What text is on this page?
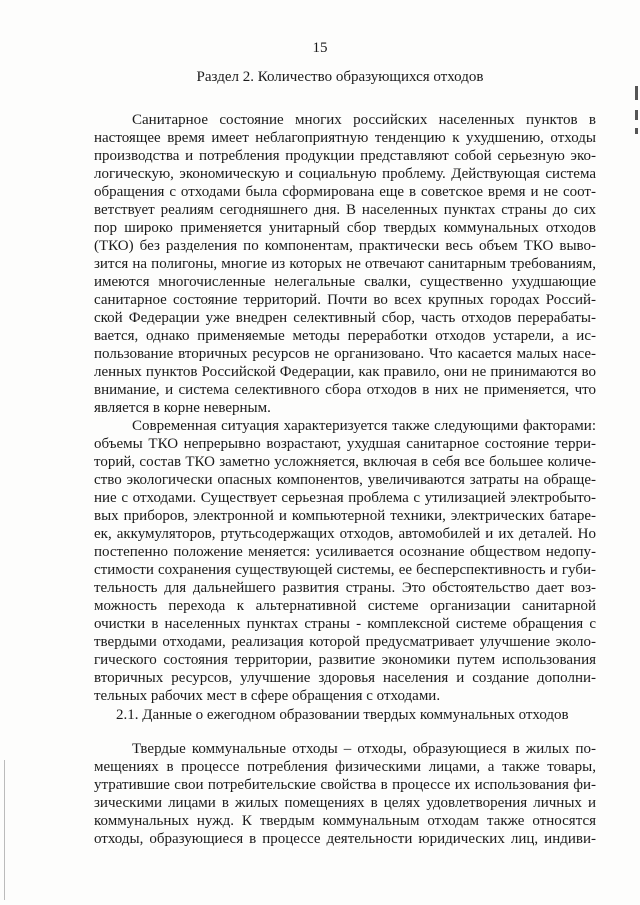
15
Раздел 2. Количество образующихся отходов
Санитарное состояние многих российских населенных пунктов в
настоящее время имеет неблагоприятную тенденцию к ухудшению, отходы
производства и потребления продукции представляют собой серьезную эко-
логическую, экономическую и социальную проблему. Действующая система
обращения с отходами была сформирована еще в советское время и не соот-
ветствует реалиям сегодняшнего дня. В населенных пунктах страны до сих
пор широко применяется унитарный сбор твердых коммунальных отходов
(ТКО) без разделения по компонентам, практически весь объем ТКО выво-
зится на полигоны, многие из которых не отвечают санитарным требованиям,
имеются многочисленные нелегальные свалки, существенно ухудшающие
санитарное состояние территорий. Почти во всех крупных городах Россий-
ской Федерации уже внедрен селективный сбор, часть отходов перерабаты-
вается, однако применяемые методы переработки отходов устарели, а ис-
пользование вторичных ресурсов не организовано. Что касается малых насе-
ленных пунктов Российской Федерации, как правило, они не принимаются во
внимание, и система селективного сбора отходов в них не применяется, что
является в корне неверным.
Современная ситуация характеризуется также следующими факторами:
объемы ТКО непрерывно возрастают, ухудшая санитарное состояние терри-
торий, состав ТКО заметно усложняется, включая в себя все большее количе-
ство экологически опасных компонентов, увеличиваются затраты на обраще-
ние с отходами. Существует серьезная проблема с утилизацией электробыто-
вых приборов, электронной и компьютерной техники, электрических батаре-
ек, аккумуляторов, ртутьсодержащих отходов, автомобилей и их деталей. Но
постепенно положение меняется: усиливается осознание обществом недопу-
стимости сохранения существующей системы, ее бесперспективность и губи-
тельность для дальнейшего развития страны. Это обстоятельство дает воз-
можность перехода к альтернативной системе организации санитарной
очистки в населенных пунктах страны - комплексной системе обращения с
твердыми отходами, реализация которой предусматривает улучшение эколо-
гического состояния территории, развитие экономики путем использования
вторичных ресурсов, улучшение здоровья населения и создание дополни-
тельных рабочих мест в сфере обращения с отходами.
2.1. Данные о ежегодном образовании твердых коммунальных отходов
Твердые коммунальные отходы – отходы, образующиеся в жилых по-
мещениях в процессе потребления физическими лицами, а также товары,
утратившие свои потребительские свойства в процессе их использования фи-
зическими лицами в жилых помещениях в целях удовлетворения личных и
коммунальных нужд. К твердым коммунальным отходам также относятся
отходы, образующиеся в процессе деятельности юридических лиц, индиви-
